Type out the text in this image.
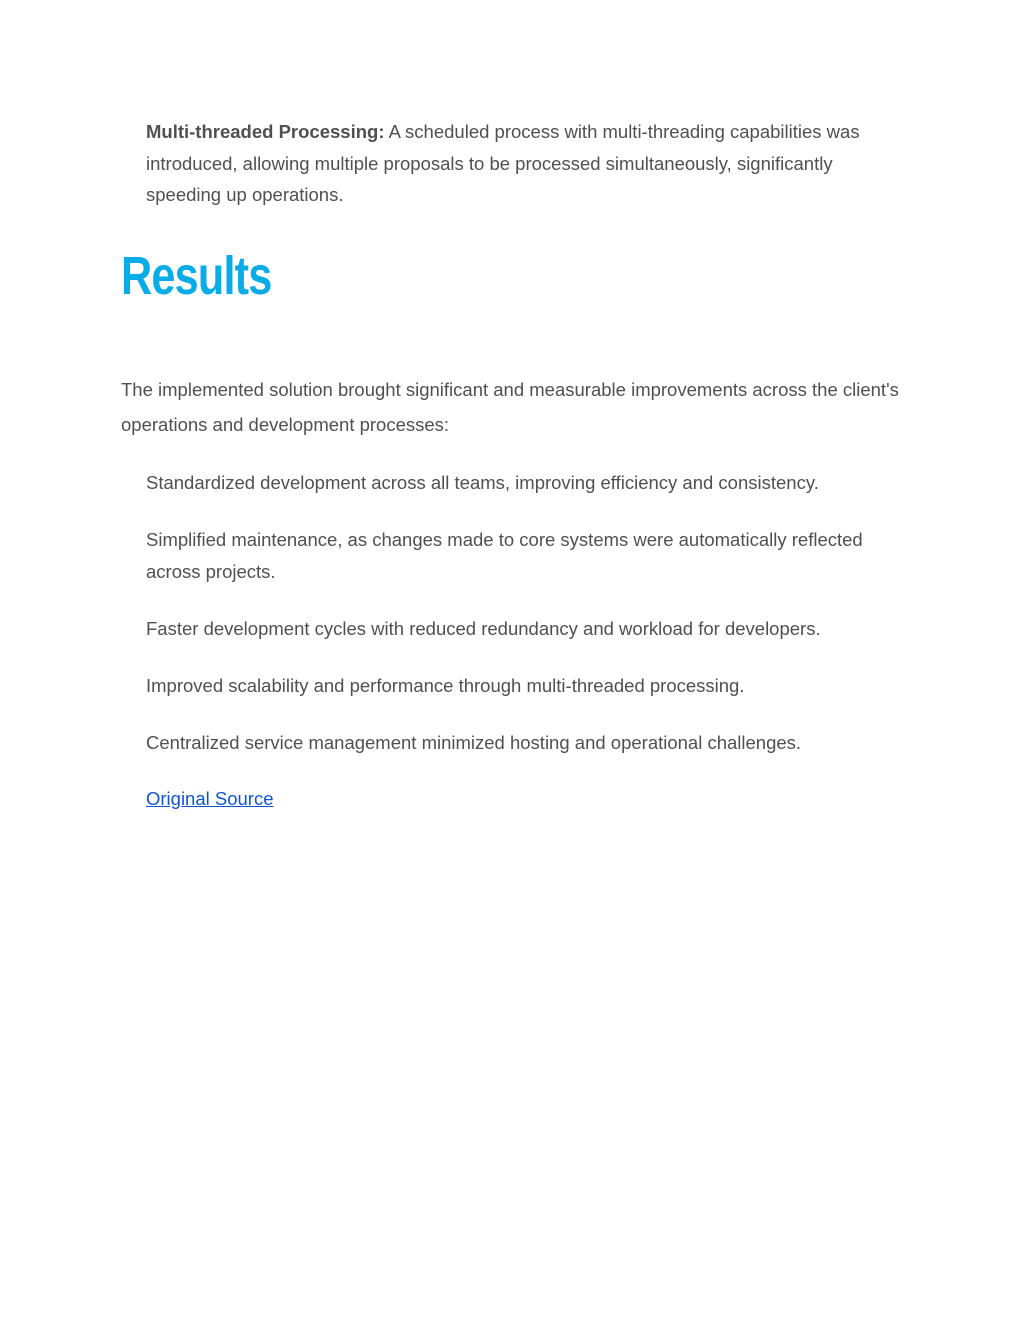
Multi-threaded Processing: A scheduled process with multi-threading capabilities was introduced, allowing multiple proposals to be processed simultaneously, significantly speeding up operations.

Results

The implemented solution brought significant and measurable improvements across the client's operations and development processes:

Standardized development across all teams, improving efficiency and consistency.

Simplified maintenance, as changes made to core systems were automatically reflected across projects.

Faster development cycles with reduced redundancy and workload for developers.

Improved scalability and performance through multi-threaded processing.

Centralized service management minimized hosting and operational challenges.

Original Source
